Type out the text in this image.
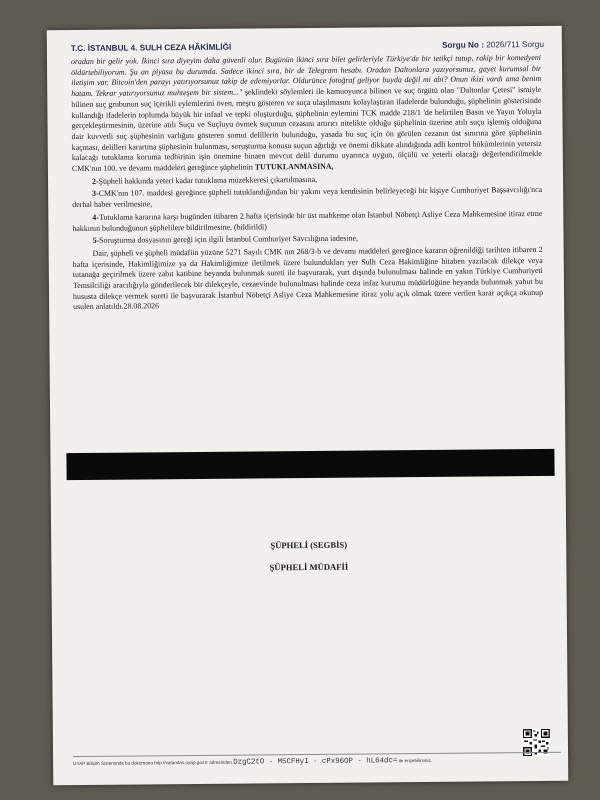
T.C. İSTANBUL 4. SULH CEZA HÂKİMLİĞİ	Sorgu No : 2026/711 Sorgu

oradan bir gelir yok. İkinci sıra diyeyim daha güvenli olur. Bugünün ikinci sıra bilet gelirleriyle Türkiye'de bir tetikçi tutup, rakip bir komedyeni öldürtebiliyorum. Şu an piyasa bu durumda. Sadece ikinci sıra, bir de Telegram hesabı. Oradan Daltonlara yazıyorsunuz, gayet kurumsal bir iletişim var. Bitcoin'den parayı yatırıyorsunuz takip de edemiyorlar. Oldurünce fotoğraf geliyor buyda değil mi abi? Onun ikizi vardı ama benim hatam. Tekrar yatırıyorsunuz muhteşem bir sistem..." şeklindeki söylemleri ile kamuoyunca bilinen ve suç örgütü olan "Daltonlar Çetesi" ismiyle bilinen suç grubunun suç içerikli eylemlerini öven, meşru gösteren ve suça ulaşılmasını kolaylaştıran ifadelerde bulunduğu, şüphelinin gösterisinde kullandığı ifadelerin toplumda büyük bir infaal ve tepki oluşturduğu, şüphelinin eylemini TCK madde 218/1 'de belirtilen Basın ve Yayın Yoluyla gerçekleştirmesinin, üzerine atılı Suçu ve Suçluyu övmek suçunun cezasını artırıcı nitelikte olduğu şüphelinin üzerine atılı suçu işlemiş olduğuna dair kuvvetli suç şüphesinin varlığını gösteren somut delillerin bulunduğu, yasada bu suç için ön görülen cezanın üst sınırına göre şüphelinin kaçması, delilleri karartma şüphesinin bulunması, soruşturma konusu suçun ağırlığı ve önemi dikkate alındığında adli kontrol hükümlerinin yetersiz kalacağı tutuklama koruma tedbirinin işin önemine binaen mevcut delil durumu uyarınca uygun, ölçülü ve yeterli olacağı değerlendirilmekle CMK'nın 100. ve devamı maddeleri gereğince şüphelinin TUTUKLANMASINA,

2-Şüpheli hakkında yeteri kadar tutuklama müzekkeresi çıkartılmasına,

3-CMK'nın 107. maddesi gereğince şüpheli tutuklandığından bir yakını veya kendisinin belirleyeceği bir kişiye Cumhuriyet Başsavcılığı'nca derhal haber verilmesine,

4-Tutuklama kararına karşı bugünden itibaren 2 hafta içerisinde bir üst mahkeme olan İstanbul Nöbetçi Asliye Ceza Mahkemesine itiraz etme hakkının bulunduğunun şüphelilere bildirilmesine, (bildirildi)

5-Soruşturma dosyasının gereği için ilgili İstanbul Cumhuriyet Savcılığına iadesine,

Dair, şüpheli ve şüpheli müdafiin yüzüne 5271 Sayılı CMK nın 268/3-b ve devamı maddeleri gereğince kararın öğrenildiği tarihten itibaren 2 hafta içerisinde, Hakimliğimize ya da Hakimliğimize iletilmek üzere bulundukları yer Sulh Ceza Hakimliğine hitaben yazılacak dilekçe veya tutanağa geçirilmek üzere zabıt katibine beyanda bulunmak sureti ile başvurarak, yurt dışında bulunulması halinde en yakın Türkiye Cumhuriyeti Temsilciliği aracılığıyla gönderilecek bir dilekçeyle, cezaevinde bulunulması halinde ceza infaz kurumu müdürlüğüne beyanda bulunmak yahut bu hususta dilekçe vermek sureti ile başvurarak İstanbul Nöbetçi Asliye Ceza Mahkemesine itiraz yolu açık olmak üzere verilen karar açıkça okunup usulen anlatıldı.28.08.2026

ŞÜPHELİ (SEGBİS)
ŞÜPHELİ MÜDAFİİ
UYAP Bilişim Sisteminde bu dokümana http://vatandas.uyap.gov.tr adresinden DzgC2tO - M5CFHyI - cPx96OP - hL64dc= ile erişebilirsiniz.
